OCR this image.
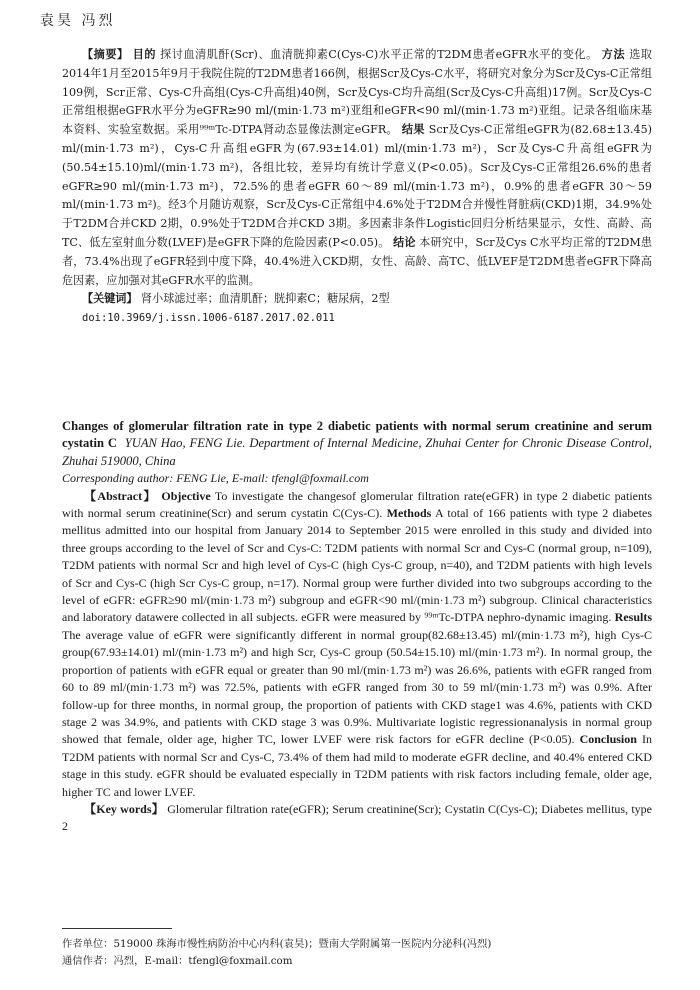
袁昊 冯烈

【摘要】 目的 探讨血清肌酐(Scr)、血清胱抑素C(Cys-C)水平正常的T2DM患者eGFR水平的变化。 方法 选取2014年1月至2015年9月于我院住院的T2DM患者166例，根据Scr及Cys-C水平，将研究对象分为Scr及Cys-C正常组109例，Scr正常、Cys-C升高组(Cys-C升高组)40例，Scr及Cys-C均升高组(Scr及Cys-C升高组)17例。Scr及Cys-C正常组根据eGFR水平分为eGFR≥90 ml/(min·1.73 m²)亚组和eGFR<90 ml/(min·1.73 m²)亚组。记录各组临床基本资料、实验室数据。采用⁹⁹ᵐTc-DTPA肾动态显像法测定eGFR。 结果 Scr及Cys-C正常组eGFR为(82.68±13.45) ml/(min·1.73 m²)，Cys-C升高组eGFR为(67.93±14.01) ml/(min·1.73 m²)，Scr及Cys-C升高组eGFR为(50.54±15.10)ml/(min·1.73 m²)，各组比较，差异均有统计学意义(P<0.05)。Scr及Cys-C正常组26.6%的患者eGFR≥90 ml/(min·1.73 m²)，72.5%的患者eGFR 60～89 ml/(min·1.73 m²)，0.9%的患者eGFR 30～59 ml/(min·1.73 m²)。经3个月随访观察，Scr及Cys-C正常组中4.6%处于T2DM合并慢性肾脏病(CKD)1期，34.9%处于T2DM合并CKD 2期，0.9%处于T2DM合并CKD 3期。多因素非条件Logistic回归分析结果显示，女性、高龄、高TC、低左室射血分数(LVEF)是eGFR下降的危险因素(P<0.05)。 结论 本研究中，Scr及Cys C水平均正常的T2DM患者，73.4%出现了eGFR轻到中度下降，40.4%进入CKD期，女性、高龄、高TC、低LVEF是T2DM患者eGFR下降高危因素，应加强对其eGFR水平的监测。

【关键词】 肾小球滤过率；血清肌酐；胱抑素C；糖尿病，2型

doi:10.3969/j.issn.1006-6187.2017.02.011

Changes of glomerular filtration rate in type 2 diabetic patients with normal serum creatinine and serum cystatin C YUAN Hao, FENG Lie. Department of Internal Medicine, Zhuhai Center for Chronic Disease Control, Zhuhai 519000, China

Corresponding author: FENG Lie, E-mail: tfengl@foxmail.com

【Abstract】 Objective To investigate the changesof glomerular filtration rate(eGFR) in type 2 diabetic patients with normal serum creatinine(Scr) and serum cystatin C(Cys-C). Methods A total of 166 patients with type 2 diabetes mellitus admitted into our hospital from January 2014 to September 2015 were enrolled in this study and divided into three groups according to the level of Scr and Cys-C: T2DM patients with normal Scr and Cys-C (normal group, n=109), T2DM patients with normal Scr and high level of Cys-C (high Cys-C group, n=40), and T2DM patients with high levels of Scr and Cys-C (high Scr Cys-C group, n=17). Normal group were further divided into two subgroups according to the level of eGFR: eGFR≥90 ml/(min·1.73 m²) subgroup and eGFR<90 ml/(min·1.73 m²) subgroup. Clinical characteristics and laboratory datawere collected in all subjects. eGFR were measured by ⁹⁹ᵐTc-DTPA nephro-dynamic imaging. Results The average value of eGFR were significantly different in normal group(82.68±13.45) ml/(min·1.73 m²), high Cys-C group(67.93±14.01) ml/(min·1.73 m²) and high Scr, Cys-C group (50.54±15.10) ml/(min·1.73 m²). In normal group, the proportion of patients with eGFR equal or greater than 90 ml/(min·1.73 m²) was 26.6%, patients with eGFR ranged from 60 to 89 ml/(min·1.73 m²) was 72.5%, patients with eGFR ranged from 30 to 59 ml/(min·1.73 m²) was 0.9%. After follow-up for three months, in normal group, the proportion of patients with CKD stage1 was 4.6%, patients with CKD stage 2 was 34.9%, and patients with CKD stage 3 was 0.9%. Multivariate logistic regressionanalysis in normal group showed that female, older age, higher TC, lower LVEF were risk factors for eGFR decline (P<0.05). Conclusion In T2DM patients with normal Scr and Cys-C, 73.4% of them had mild to moderate eGFR decline, and 40.4% entered CKD stage in this study. eGFR should be evaluated especially in T2DM patients with risk factors including female, older age, higher TC and lower LVEF.

【Key words】 Glomerular filtration rate(eGFR); Serum creatinine(Scr); Cystatin C(Cys-C); Diabetes mellitus, type 2

作者单位：519000 珠海市慢性病防治中心内科(袁昊)；暨南大学附属第一医院内分泌科(冯烈)

通信作者：冯烈，E-mail：tfengl@foxmail.com
